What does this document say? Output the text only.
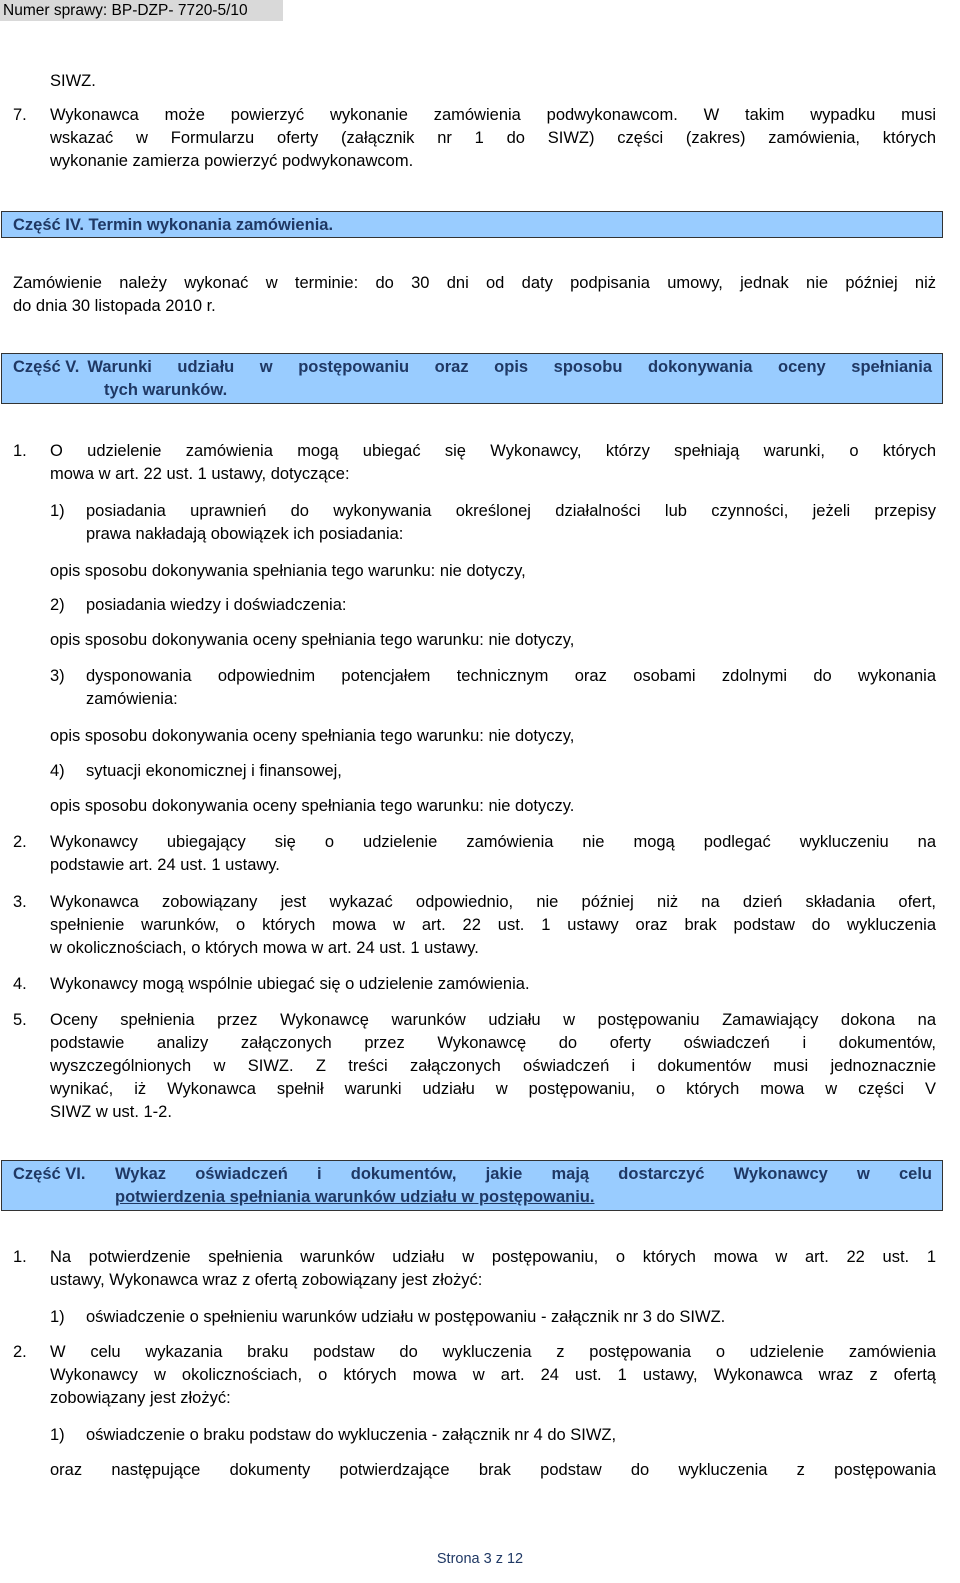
Numer sprawy: BP-DZP- 7720-5/10
SIWZ.
7. Wykonawca może powierzyć wykonanie zamówienia podwykonawcom. W takim wypadku musi
wskazać w Formularzu oferty (załącznik nr 1 do SIWZ) części (zakres) zamówienia, których
wykonanie zamierza powierzyć podwykonawcom.
Część IV. Termin wykonania zamówienia.
Zamówienie należy wykonać w terminie: do 30 dni od daty podpisania umowy, jednak nie później niż
do dnia 30 listopada 2010 r.
Część V. Warunki udziału w postępowaniu oraz opis sposobu dokonywania oceny spełniania
tych warunków.
1. O udzielenie zamówienia mogą ubiegać się Wykonawcy, którzy spełniają warunki, o których
mowa w art. 22 ust. 1 ustawy, dotyczące:
1) posiadania uprawnień do wykonywania określonej działalności lub czynności, jeżeli przepisy
prawa nakładają obowiązek ich posiadania:
opis sposobu dokonywania spełniania tego warunku: nie dotyczy,
2) posiadania wiedzy i doświadczenia:
opis sposobu dokonywania oceny spełniania tego warunku: nie dotyczy,
3) dysponowania odpowiednim potencjałem technicznym oraz osobami zdolnymi do wykonania
zamówienia:
opis sposobu dokonywania oceny spełniania tego warunku: nie dotyczy,
4) sytuacji ekonomicznej i finansowej,
opis sposobu dokonywania oceny spełniania tego warunku: nie dotyczy.
2. Wykonawcy ubiegający się o udzielenie zamówienia nie mogą podlegać wykluczeniu na
podstawie art. 24 ust. 1 ustawy.
3. Wykonawca zobowiązany jest wykazać odpowiednio, nie później niż na dzień składania ofert,
spełnienie warunków, o których mowa w art. 22 ust. 1 ustawy oraz brak podstaw do wykluczenia
w okolicznościach, o których mowa w art. 24 ust. 1 ustawy.
4. Wykonawcy mogą wspólnie ubiegać się o udzielenie zamówienia.
5. Oceny spełnienia przez Wykonawcę warunków udziału w postępowaniu Zamawiający dokona na
podstawie analizy załączonych przez Wykonawcę do oferty oświadczeń i dokumentów,
wyszczególnionych w SIWZ. Z treści załączonych oświadczeń i dokumentów musi jednoznacznie
wynikać, iż Wykonawca spełnił warunki udziału w postępowaniu, o których mowa w części V
SIWZ w ust. 1-2.
Część VI.	Wykaz oświadczeń i dokumentów, jakie mają dostarczyć Wykonawcy w celu
potwierdzenia spełniania warunków udziału w postępowaniu.
1. Na potwierdzenie spełnienia warunków udziału w postępowaniu, o których mowa w art. 22 ust. 1
ustawy, Wykonawca wraz z ofertą zobowiązany jest złożyć:
1) oświadczenie o spełnieniu warunków udziału w postępowaniu - załącznik nr 3 do SIWZ.
2. W celu wykazania braku podstaw do wykluczenia z postępowania o udzielenie zamówienia
Wykonawcy w okolicznościach, o których mowa w art. 24 ust. 1 ustawy, Wykonawca wraz z ofertą
zobowiązany jest złożyć:
1) oświadczenie o braku podstaw do wykluczenia - załącznik nr 4 do SIWZ,
oraz następujące dokumenty potwierdzające brak podstaw do wykluczenia z postępowania
Strona 3 z 12
